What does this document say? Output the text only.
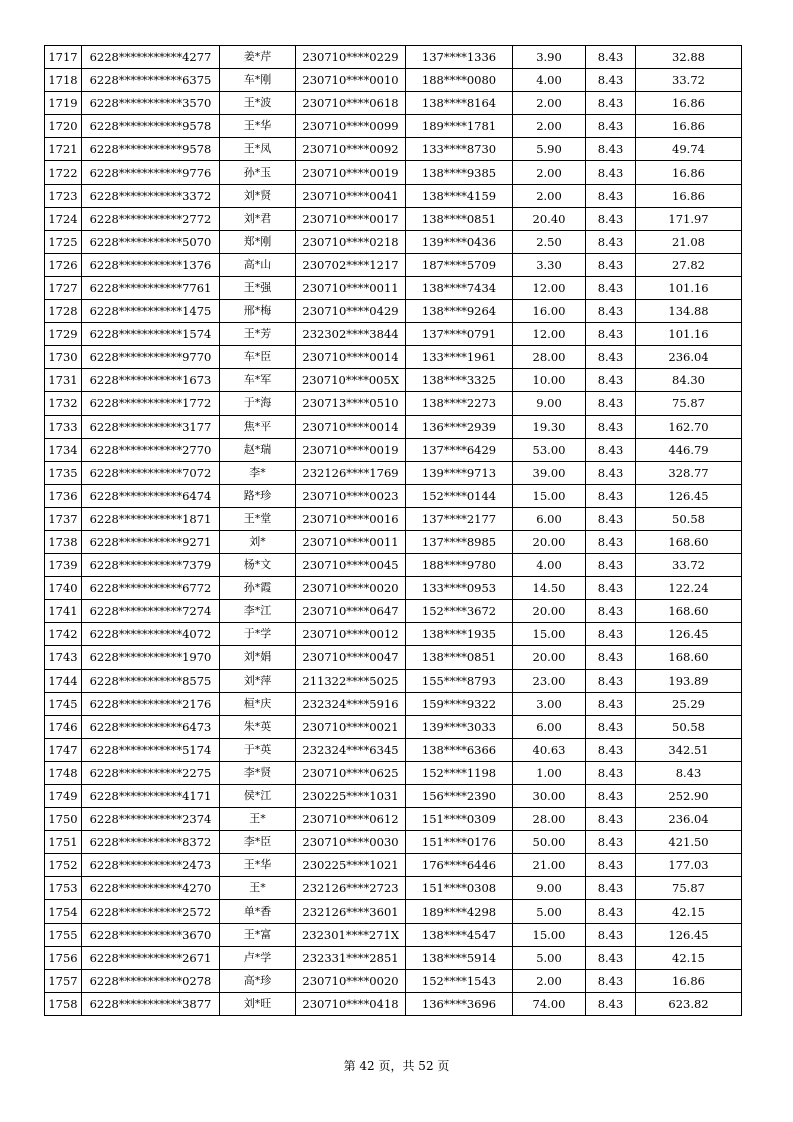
1717	6228***********4277	姜*芹	230710****0229	137****1336	3.90	8.43	32.88
1718	6228***********6375	车*刚	230710****0010	188****0080	4.00	8.43	33.72
1719	6228***********3570	王*波	230710****0618	138****8164	2.00	8.43	16.86
1720	6228***********9578	王*华	230710****0099	189****1781	2.00	8.43	16.86
1721	6228***********9578	王*凤	230710****0092	133****8730	5.90	8.43	49.74
1722	6228***********9776	孙*玉	230710****0019	138****9385	2.00	8.43	16.86
1723	6228***********3372	刘*贤	230710****0041	138****4159	2.00	8.43	16.86
1724	6228***********2772	刘*君	230710****0017	138****0851	20.40	8.43	171.97
1725	6228***********5070	郑*刚	230710****0218	139****0436	2.50	8.43	21.08
1726	6228***********1376	高*山	230702****1217	187****5709	3.30	8.43	27.82
1727	6228***********7761	王*强	230710****0011	138****7434	12.00	8.43	101.16
1728	6228***********1475	邢*梅	230710****0429	138****9264	16.00	8.43	134.88
1729	6228***********1574	王*芳	232302****3844	137****0791	12.00	8.43	101.16
1730	6228***********9770	车*臣	230710****0014	133****1961	28.00	8.43	236.04
1731	6228***********1673	车*军	230710****005X	138****3325	10.00	8.43	84.30
1732	6228***********1772	于*海	230713****0510	138****2273	9.00	8.43	75.87
1733	6228***********3177	焦*平	230710****0014	136****2939	19.30	8.43	162.70
1734	6228***********2770	赵*瑞	230710****0019	137****6429	53.00	8.43	446.79
1735	6228***********7072	李*	232126****1769	139****9713	39.00	8.43	328.77
1736	6228***********6474	路*珍	230710****0023	152****0144	15.00	8.43	126.45
1737	6228***********1871	王*堂	230710****0016	137****2177	6.00	8.43	50.58
1738	6228***********9271	刘*	230710****0011	137****8985	20.00	8.43	168.60
1739	6228***********7379	杨*文	230710****0045	188****9780	4.00	8.43	33.72
1740	6228***********6772	孙*霞	230710****0020	133****0953	14.50	8.43	122.24
1741	6228***********7274	李*江	230710****0647	152****3672	20.00	8.43	168.60
1742	6228***********4072	于*学	230710****0012	138****1935	15.00	8.43	126.45
1743	6228***********1970	刘*娟	230710****0047	138****0851	20.00	8.43	168.60
1744	6228***********8575	刘*萍	211322****5025	155****8793	23.00	8.43	193.89
1745	6228***********2176	桓*庆	232324****5916	159****9322	3.00	8.43	25.29
1746	6228***********6473	朱*英	230710****0021	139****3033	6.00	8.43	50.58
1747	6228***********5174	于*英	232324****6345	138****6366	40.63	8.43	342.51
1748	6228***********2275	李*贤	230710****0625	152****1198	1.00	8.43	8.43
1749	6228***********4171	侯*江	230225****1031	156****2390	30.00	8.43	252.90
1750	6228***********2374	王*	230710****0612	151****0309	28.00	8.43	236.04
1751	6228***********8372	李*臣	230710****0030	151****0176	50.00	8.43	421.50
1752	6228***********2473	王*华	230225****1021	176****6446	21.00	8.43	177.03
1753	6228***********4270	王*	232126****2723	151****0308	9.00	8.43	75.87
1754	6228***********2572	单*香	232126****3601	189****4298	5.00	8.43	42.15
1755	6228***********3670	王*富	232301****271X	138****4547	15.00	8.43	126.45
1756	6228***********2671	卢*学	232331****2851	138****5914	5.00	8.43	42.15
1757	6228***********0278	高*珍	230710****0020	152****1543	2.00	8.43	16.86
1758	6228***********3877	刘*旺	230710****0418	136****3696	74.00	8.43	623.82
第 42 页，共 52 页
